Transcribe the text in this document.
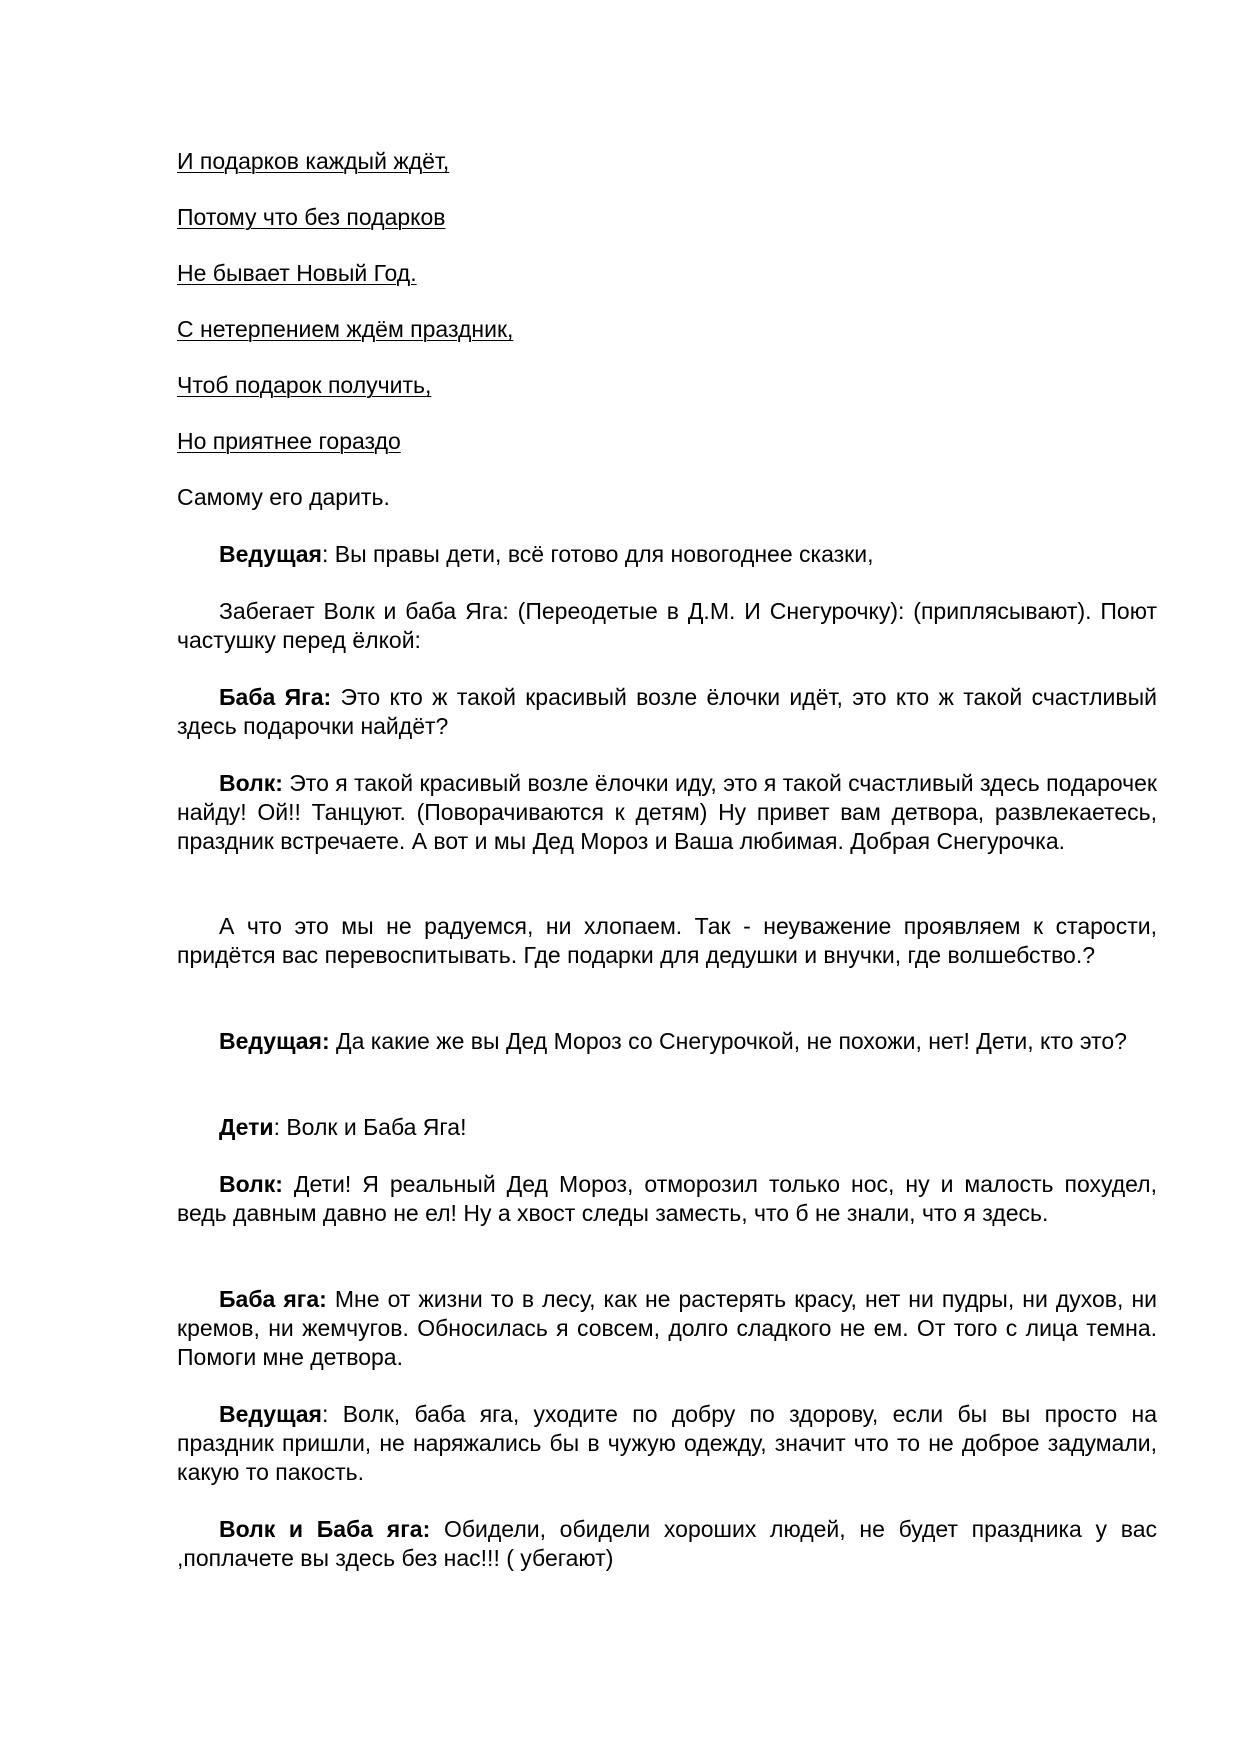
И подарков каждый ждёт,

Потому что без подарков

Не бывает Новый Год.

С нетерпением ждём праздник,

Чтоб подарок получить,

Но приятнее гораздо

Самому его дарить.

Ведущая: Вы правы дети, всё готово для новогоднее сказки,

Забегает Волк и баба Яга: (Переодетые в Д.М. И Снегурочку): (приплясывают). Поют частушку перед ёлкой:

Баба Яга: Это кто ж такой красивый возле ёлочки идёт, это кто ж такой счастливый здесь подарочки найдёт?

Волк: Это я такой красивый возле ёлочки иду, это я такой счастливый здесь подарочек найду! Ой!! Танцуют. (Поворачиваются к детям) Ну привет вам детвора, развлекаетесь, праздник встречаете. А вот и мы Дед Мороз и Ваша любимая. Добрая Снегурочка.

А что это мы не радуемся, ни хлопаем. Так - неуважение проявляем к старости, придётся вас перевоспитывать. Где подарки для дедушки и внучки, где волшебство.?

Ведущая: Да какие же вы Дед Мороз со Снегурочкой, не похожи, нет! Дети, кто это?

Дети: Волк и Баба Яга!

Волк: Дети! Я реальный Дед Мороз, отморозил только нос, ну и малость похудел, ведь давным давно не ел! Ну а хвост следы заместь, что б не знали, что я здесь.

Баба яга: Мне от жизни то в лесу, как не растерять красу, нет ни пудры, ни духов, ни кремов, ни жемчугов. Обносилась я совсем, долго сладкого не ем. От того с лица темна. Помоги мне детвора.

Ведущая: Волк, баба яга, уходите по добру по здорову, если бы вы просто на праздник пришли, не наряжались бы в чужую одежду, значит что то не доброе задумали, какую то пакость.

Волк и Баба яга: Обидели, обидели хороших людей, не будет праздника у вас ,поплачете вы здесь без нас!!! ( убегают)
